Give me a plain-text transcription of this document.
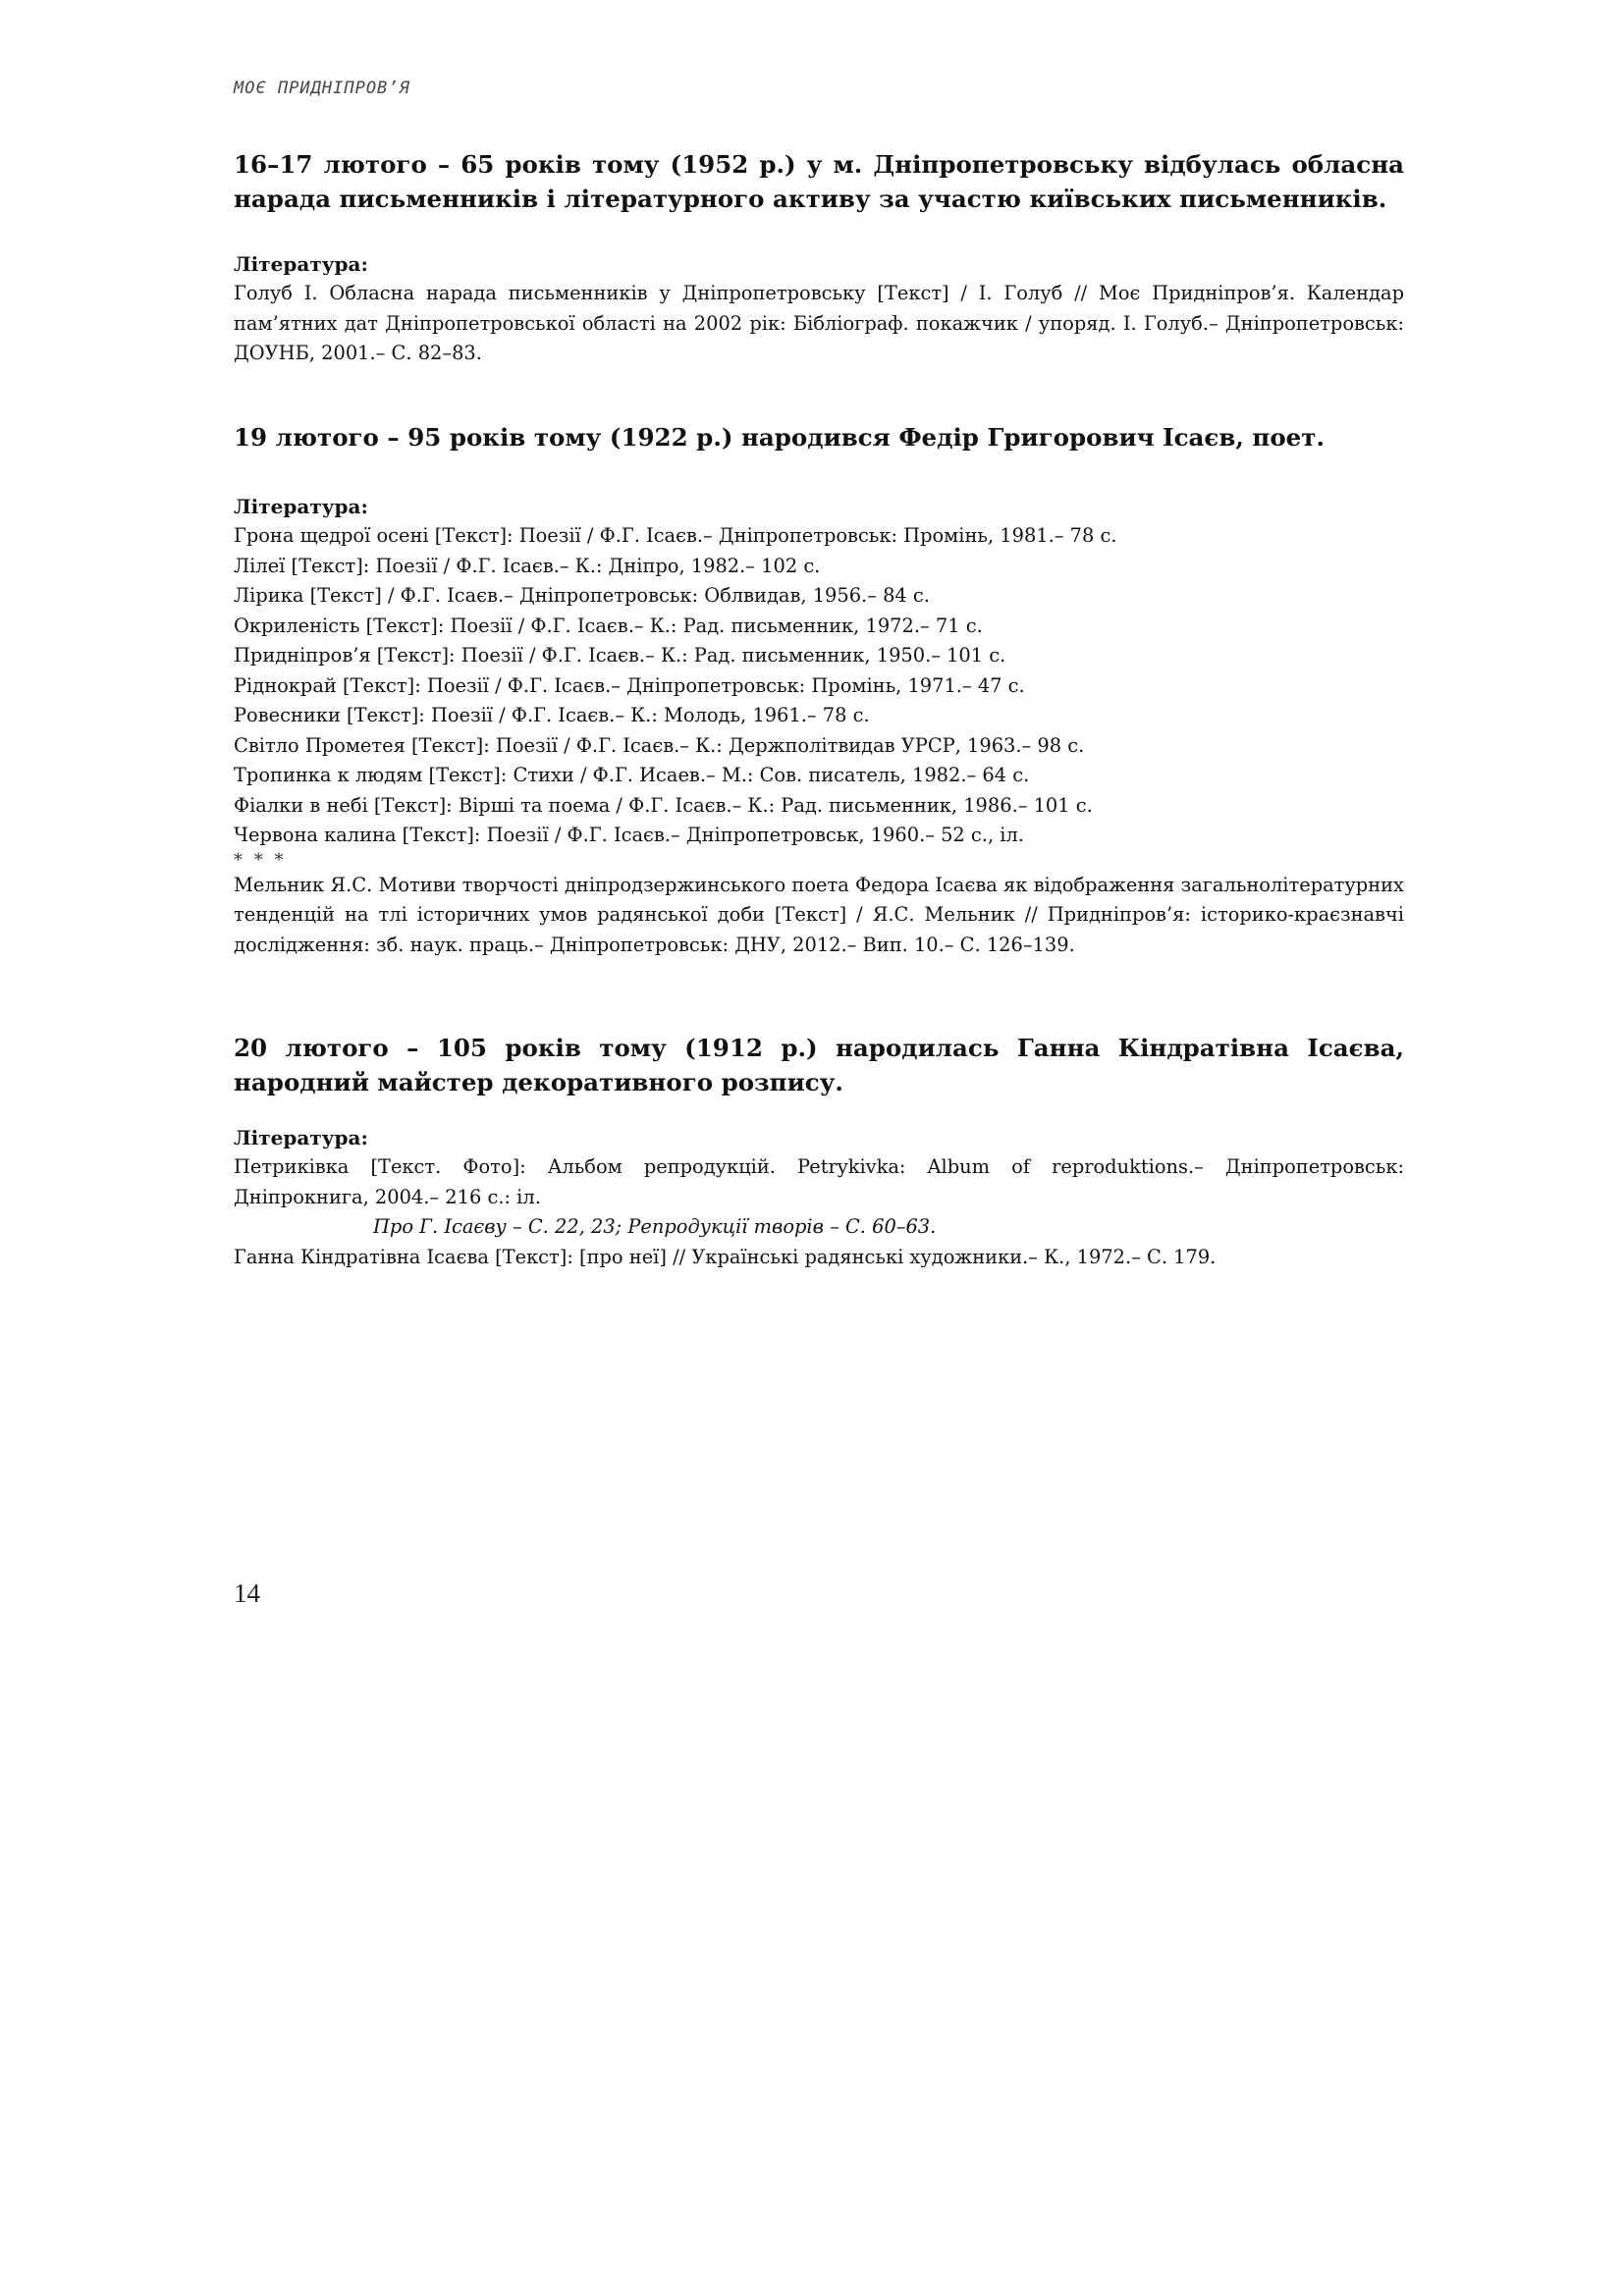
МОЄ ПРИДНІПРОВ’Я

16–17 лютого – 65 років тому (1952 р.) у м. Дніпропетровську відбулась обласна нарада письменників і літературного активу за участю київських письменників.

Література:

Голуб І. Обласна нарада письменників у Дніпропетровську [Текст] / І. Голуб // Моє Придніпров’я. Календар пам’ятних дат Дніпропетровської області на 2002 рік: Бібліограф. покажчик / упоряд. І. Голуб.– Дніпропетровськ: ДОУНБ, 2001.– С. 82–83.

19 лютого – 95 років тому (1922 р.) народився Федір Григорович Ісаєв, поет.

Література:

Грона щедрої осені [Текст]: Поезії / Ф.Г. Ісаєв.– Дніпропетровськ: Промінь, 1981.– 78 с.

Лілеї [Текст]: Поезії / Ф.Г. Ісаєв.– К.: Дніпро, 1982.– 102 с.

Лірика [Текст] / Ф.Г. Ісаєв.– Дніпропетровськ: Облвидав, 1956.– 84 с.

Окриленість [Текст]: Поезії / Ф.Г. Ісаєв.– К.: Рад. письменник, 1972.– 71 с.

Придніпров’я [Текст]: Поезії / Ф.Г. Ісаєв.– К.: Рад. письменник, 1950.– 101 с.

Ріднокрай [Текст]: Поезії / Ф.Г. Ісаєв.– Дніпропетровськ: Промінь, 1971.– 47 с.

Ровесники [Текст]: Поезії / Ф.Г. Ісаєв.– К.: Молодь, 1961.– 78 с.

Світло Прометея [Текст]: Поезії / Ф.Г. Ісаєв.– К.: Держполітвидав УРСР, 1963.– 98 с.

Тропинка к людям [Текст]: Стихи / Ф.Г. Исаев.– М.: Сов. писатель, 1982.– 64 с.

Фіалки в небі [Текст]: Вірші та поема / Ф.Г. Ісаєв.– К.: Рад. письменник, 1986.– 101 с.

Червона калина [Текст]: Поезії / Ф.Г. Ісаєв.– Дніпропетровськ, 1960.– 52 с., іл.

* * *

Мельник Я.С. Мотиви творчості дніпродзержинського поета Федора Ісаєва як відображення загальнолітературних тенденцій на тлі історичних умов радянської доби [Текст] / Я.С. Мельник // Придніпров’я: історико-краєзнавчі дослідження: зб. наук. праць.– Дніпропетровськ: ДНУ, 2012.– Вип. 10.– С. 126–139.

20 лютого – 105 років тому (1912 р.) народилась Ганна Кіндратівна Ісаєва, народний майстер декоративного розпису.

Література:

Петриківка [Текст. Фото]: Альбом репродукцій. Petrykivka: Album of reproduktions.– Дніпропетровськ: Дніпрокнига, 2004.– 216 с.: іл.

Про Г. Ісаєву – С. 22, 23; Репродукції творів – С. 60–63.

Ганна Кіндратівна Ісаєва [Текст]: [про неї] // Українські радянські художники.– К., 1972.– С. 179.

14
